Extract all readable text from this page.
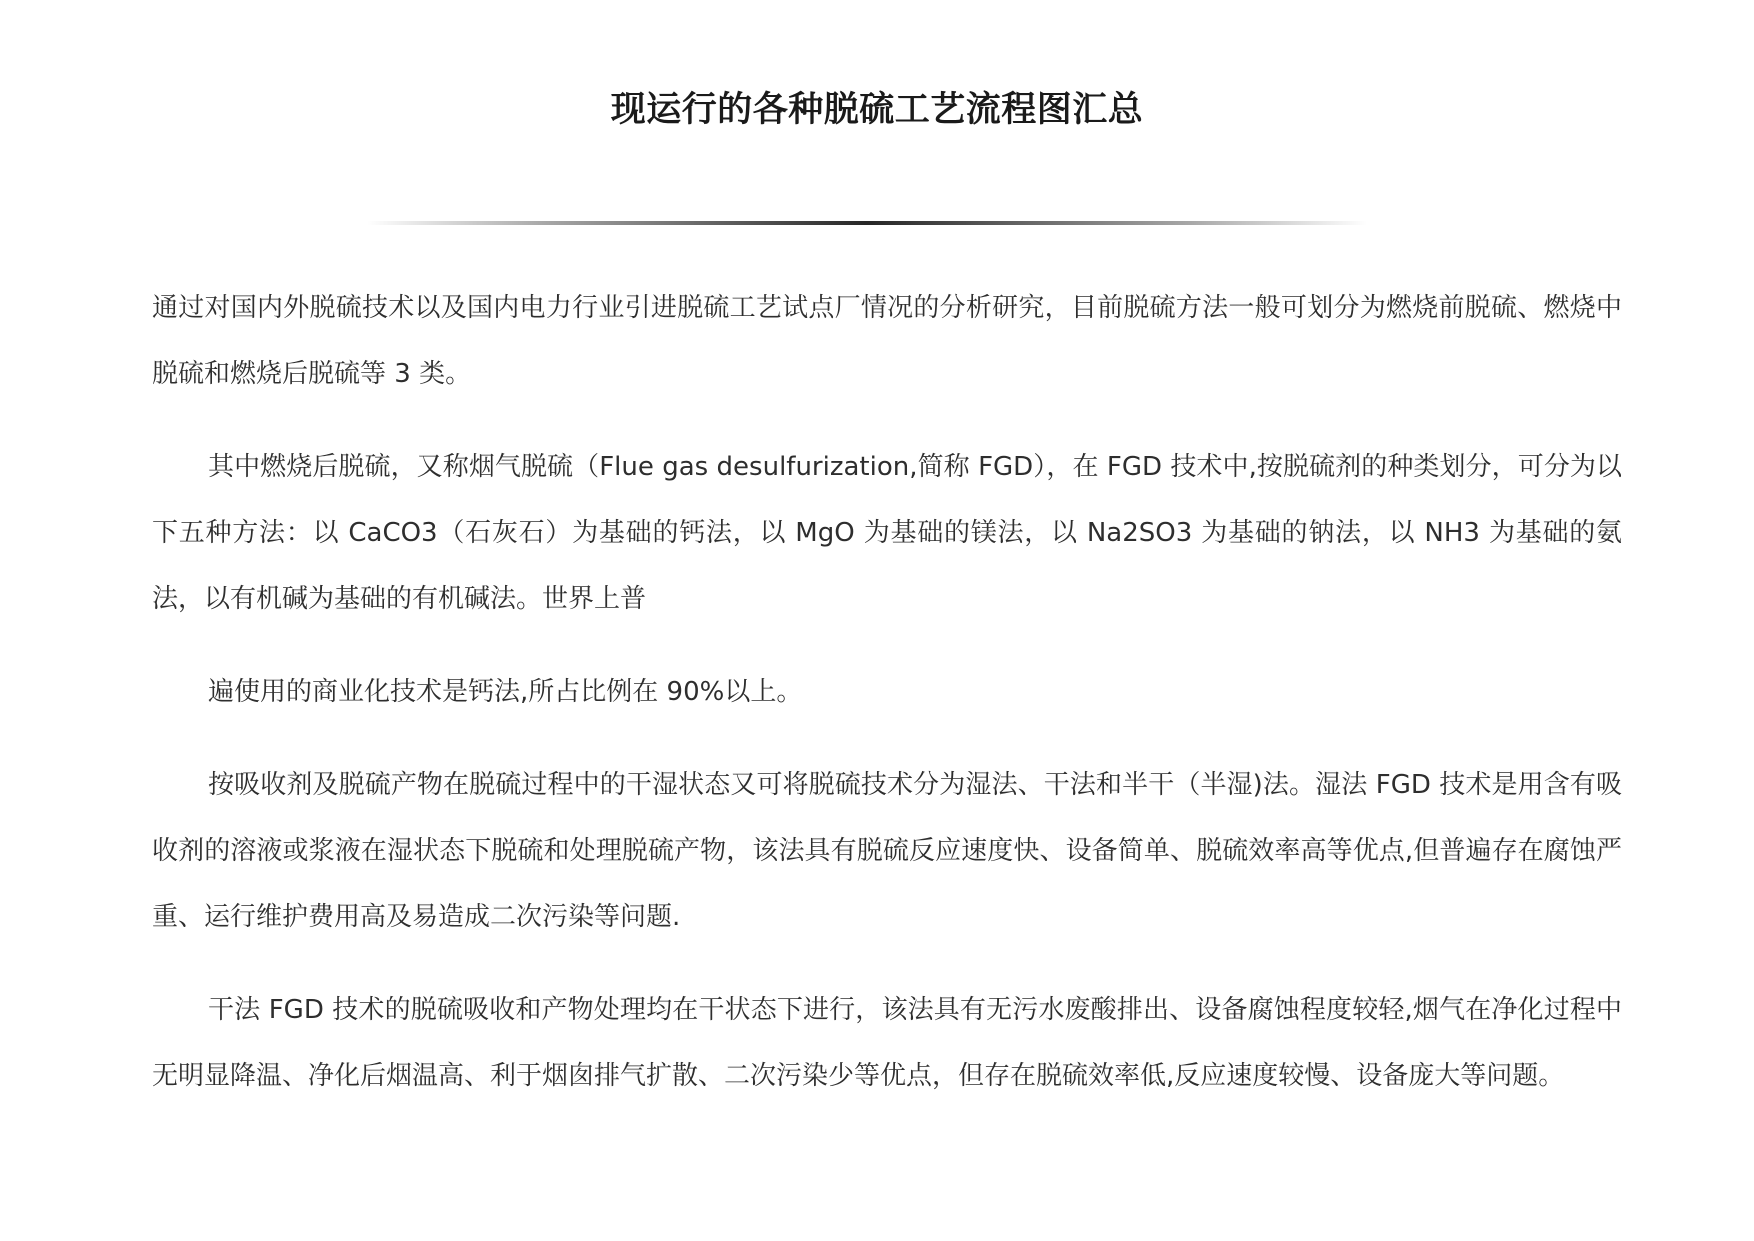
现运行的各种脱硫工艺流程图汇总

通过对国内外脱硫技术以及国内电力行业引进脱硫工艺试点厂情况的分析研究，目前脱硫方法一般可划分为燃烧前脱硫、燃烧中脱硫和燃烧后脱硫等 3 类。

其中燃烧后脱硫，又称烟气脱硫（Flue gas desulfurization,简称 FGD），在 FGD 技术中,按脱硫剂的种类划分，可分为以下五种方法：以 CaCO3（石灰石）为基础的钙法，以 MgO 为基础的镁法，以 Na2SO3 为基础的钠法，以 NH3 为基础的氨法，以有机碱为基础的有机碱法。世界上普

遍使用的商业化技术是钙法,所占比例在 90%以上。

按吸收剂及脱硫产物在脱硫过程中的干湿状态又可将脱硫技术分为湿法、干法和半干（半湿)法。湿法 FGD 技术是用含有吸收剂的溶液或浆液在湿状态下脱硫和处理脱硫产物，该法具有脱硫反应速度快、设备简单、脱硫效率高等优点,但普遍存在腐蚀严重、运行维护费用高及易造成二次污染等问题.

干法 FGD 技术的脱硫吸收和产物处理均在干状态下进行，该法具有无污水废酸排出、设备腐蚀程度较轻,烟气在净化过程中无明显降温、净化后烟温高、利于烟囱排气扩散、二次污染少等优点，但存在脱硫效率低,反应速度较慢、设备庞大等问题。
